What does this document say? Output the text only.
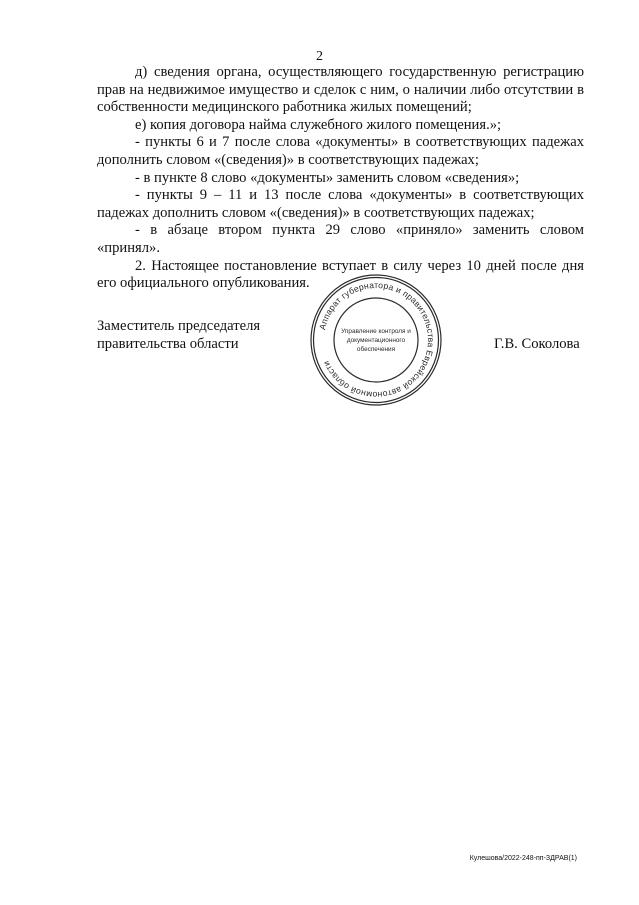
2

д) сведения органа, осуществляющего государственную регистрацию прав на недвижимое имущество и сделок с ним, о наличии либо отсутствии в собственности медицинского работника жилых помещений;

е) копия договора найма служебного жилого помещения.»;

- пункты 6 и 7 после слова «документы» в соответствующих падежах дополнить словом «(сведения)» в соответствующих падежах;

- в пункте 8 слово «документы» заменить словом «сведения»;

- пункты 9 – 11 и 13 после слова «документы» в соответствующих падежах дополнить словом «(сведения)» в соответствующих падежах;

- в абзаце втором пункта 29 слово «приняло» заменить словом «принял».

2. Настоящее постановление вступает в силу через 10 дней после дня его официального опубликования.

Заместитель председателя
правительства области	Г.В. Соколова
Аппарат губернатора и правительства Еврейской автономной области
Управление контроля и
документационного
обеспечения
Кулешова/2022-248-пп-ЗДРАВ(1)
